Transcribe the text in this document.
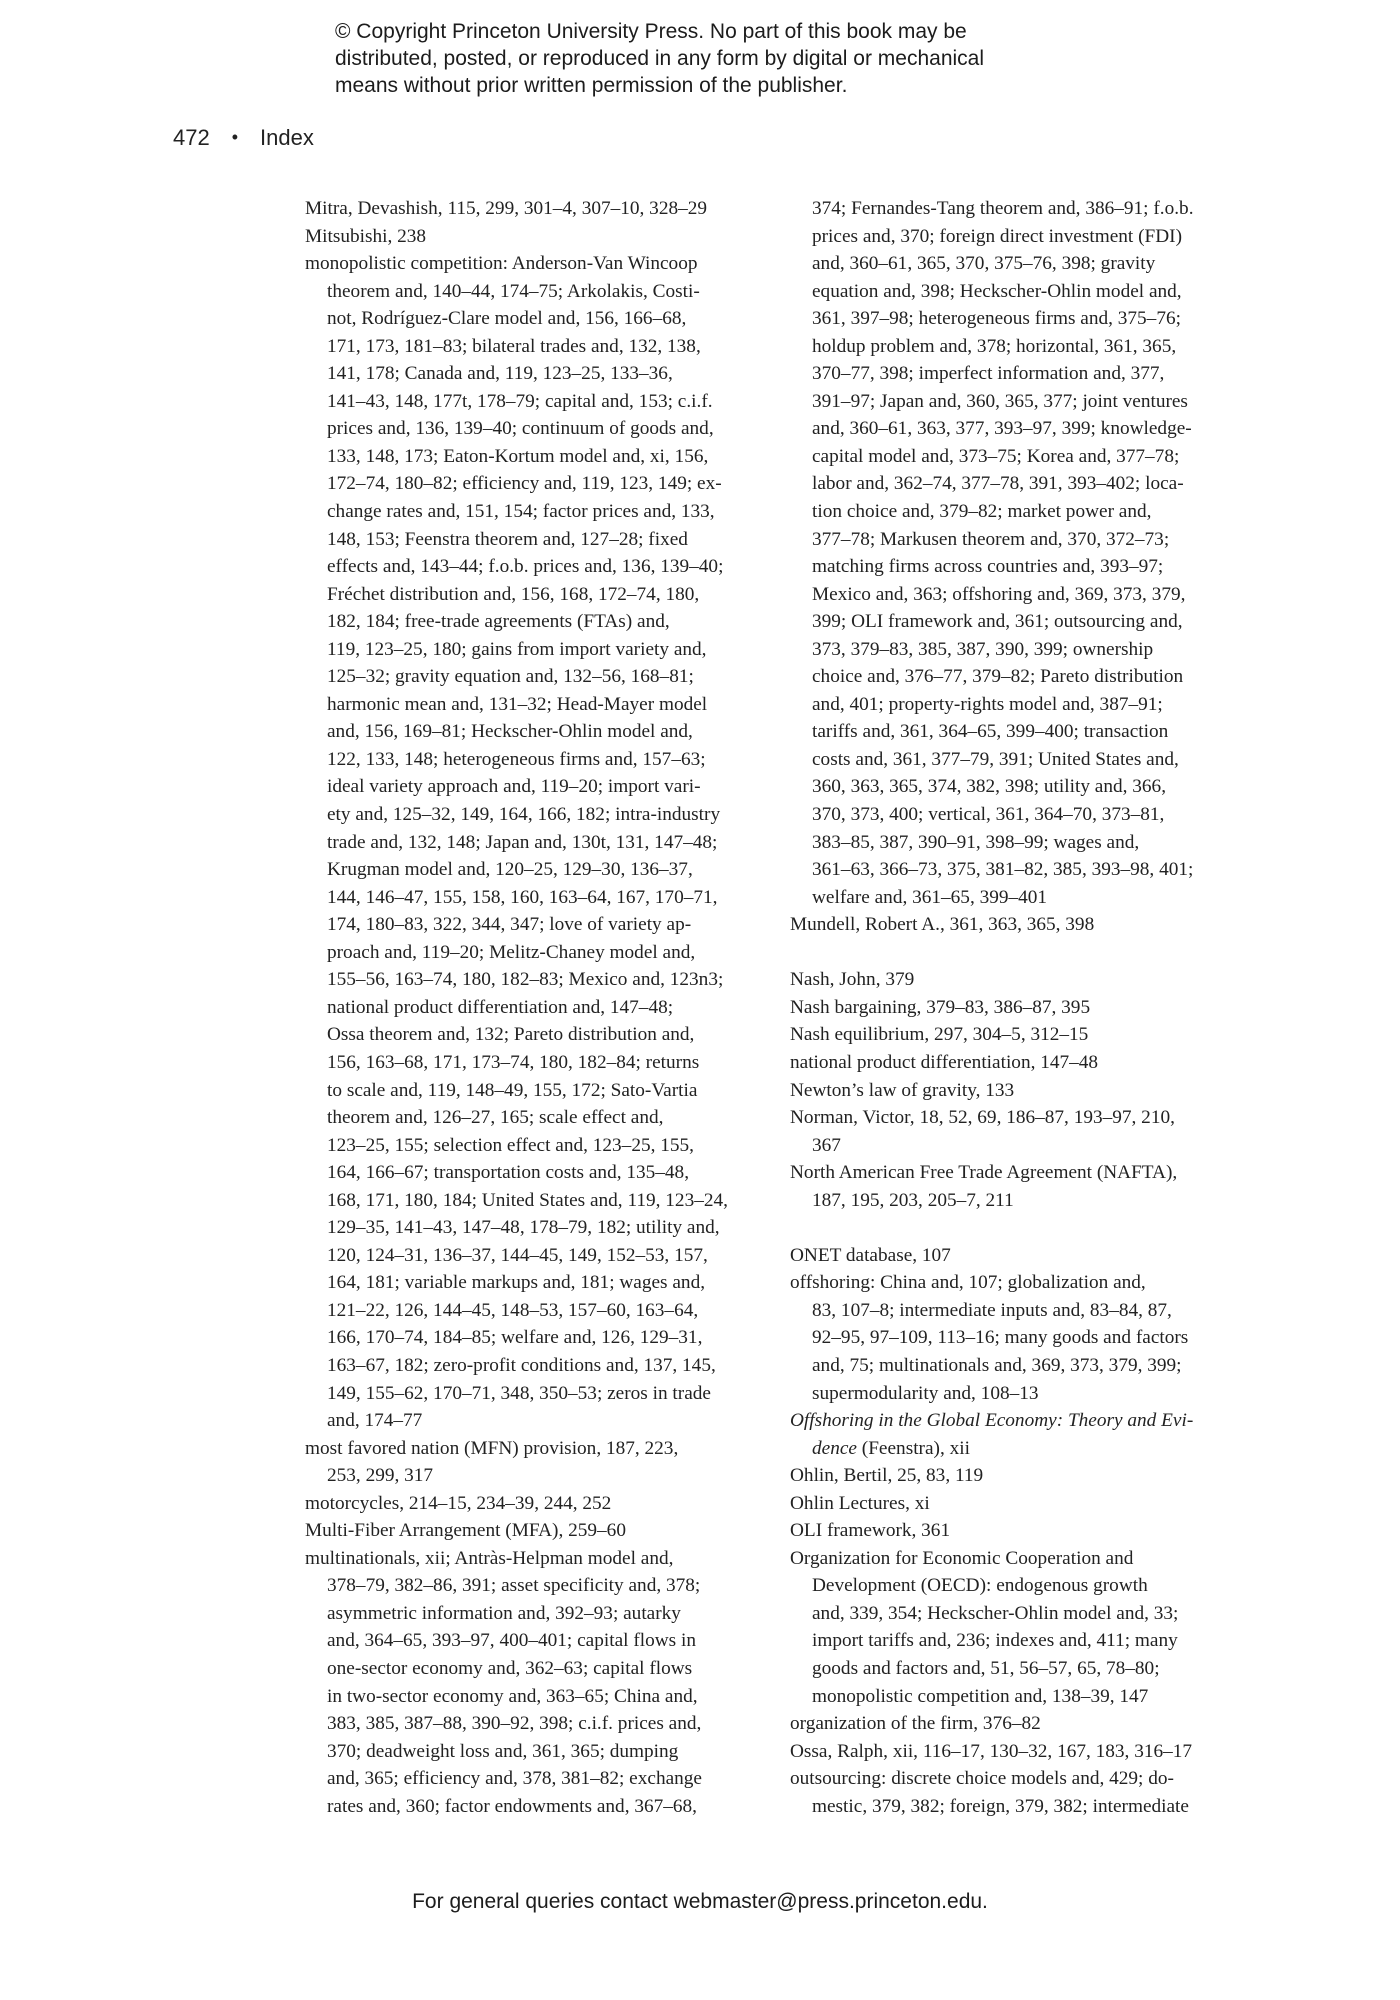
© Copyright Princeton University Press. No part of this book may be
distributed, posted, or reproduced in any form by digital or mechanical
means without prior written permission of the publisher.
472 • Index
Mitra, Devashish, 115, 299, 301–4, 307–10, 328–29
Mitsubishi, 238
monopolistic competition: Anderson-Van Wincoop
theorem and, 140–44, 174–75; Arkolakis, Costi-
not, Rodríguez-Clare model and, 156, 166–68,
171, 173, 181–83; bilateral trades and, 132, 138,
141, 178; Canada and, 119, 123–25, 133–36,
141–43, 148, 177t, 178–79; capital and, 153; c.i.f.
prices and, 136, 139–40; continuum of goods and,
133, 148, 173; Eaton-Kortum model and, xi, 156,
172–74, 180–82; efficiency and, 119, 123, 149; ex-
change rates and, 151, 154; factor prices and, 133,
148, 153; Feenstra theorem and, 127–28; fixed
effects and, 143–44; f.o.b. prices and, 136, 139–40;
Fréchet distribution and, 156, 168, 172–74, 180,
182, 184; free-trade agreements (FTAs) and,
119, 123–25, 180; gains from import variety and,
125–32; gravity equation and, 132–56, 168–81;
harmonic mean and, 131–32; Head-Mayer model
and, 156, 169–81; Heckscher-Ohlin model and,
122, 133, 148; heterogeneous firms and, 157–63;
ideal variety approach and, 119–20; import vari-
ety and, 125–32, 149, 164, 166, 182; intra-industry
trade and, 132, 148; Japan and, 130t, 131, 147–48;
Krugman model and, 120–25, 129–30, 136–37,
144, 146–47, 155, 158, 160, 163–64, 167, 170–71,
174, 180–83, 322, 344, 347; love of variety ap-
proach and, 119–20; Melitz-Chaney model and,
155–56, 163–74, 180, 182–83; Mexico and, 123n3;
national product differentiation and, 147–48;
Ossa theorem and, 132; Pareto distribution and,
156, 163–68, 171, 173–74, 180, 182–84; returns
to scale and, 119, 148–49, 155, 172; Sato-Vartia
theorem and, 126–27, 165; scale effect and,
123–25, 155; selection effect and, 123–25, 155,
164, 166–67; transportation costs and, 135–48,
168, 171, 180, 184; United States and, 119, 123–24,
129–35, 141–43, 147–48, 178–79, 182; utility and,
120, 124–31, 136–37, 144–45, 149, 152–53, 157,
164, 181; variable markups and, 181; wages and,
121–22, 126, 144–45, 148–53, 157–60, 163–64,
166, 170–74, 184–85; welfare and, 126, 129–31,
163–67, 182; zero-profit conditions and, 137, 145,
149, 155–62, 170–71, 348, 350–53; zeros in trade
and, 174–77
most favored nation (MFN) provision, 187, 223,
253, 299, 317
motorcycles, 214–15, 234–39, 244, 252
Multi-Fiber Arrangement (MFA), 259–60
multinationals, xii; Antràs-Helpman model and,
378–79, 382–86, 391; asset specificity and, 378;
asymmetric information and, 392–93; autarky
and, 364–65, 393–97, 400–401; capital flows in
one-sector economy and, 362–63; capital flows
in two-sector economy and, 363–65; China and,
383, 385, 387–88, 390–92, 398; c.i.f. prices and,
370; deadweight loss and, 361, 365; dumping
and, 365; efficiency and, 378, 381–82; exchange
rates and, 360; factor endowments and, 367–68,
374; Fernandes-Tang theorem and, 386–91; f.o.b.
prices and, 370; foreign direct investment (FDI)
and, 360–61, 365, 370, 375–76, 398; gravity
equation and, 398; Heckscher-Ohlin model and,
361, 397–98; heterogeneous firms and, 375–76;
holdup problem and, 378; horizontal, 361, 365,
370–77, 398; imperfect information and, 377,
391–97; Japan and, 360, 365, 377; joint ventures
and, 360–61, 363, 377, 393–97, 399; knowledge-
capital model and, 373–75; Korea and, 377–78;
labor and, 362–74, 377–78, 391, 393–402; loca-
tion choice and, 379–82; market power and,
377–78; Markusen theorem and, 370, 372–73;
matching firms across countries and, 393–97;
Mexico and, 363; offshoring and, 369, 373, 379,
399; OLI framework and, 361; outsourcing and,
373, 379–83, 385, 387, 390, 399; ownership
choice and, 376–77, 379–82; Pareto distribution
and, 401; property-rights model and, 387–91;
tariffs and, 361, 364–65, 399–400; transaction
costs and, 361, 377–79, 391; United States and,
360, 363, 365, 374, 382, 398; utility and, 366,
370, 373, 400; vertical, 361, 364–70, 373–81,
383–85, 387, 390–91, 398–99; wages and,
361–63, 366–73, 375, 381–82, 385, 393–98, 401;
welfare and, 361–65, 399–401
Mundell, Robert A., 361, 363, 365, 398
Nash, John, 379
Nash bargaining, 379–83, 386–87, 395
Nash equilibrium, 297, 304–5, 312–15
national product differentiation, 147–48
Newton’s law of gravity, 133
Norman, Victor, 18, 52, 69, 186–87, 193–97, 210,
367
North American Free Trade Agreement (NAFTA),
187, 195, 203, 205–7, 211
ONET database, 107
offshoring: China and, 107; globalization and,
83, 107–8; intermediate inputs and, 83–84, 87,
92–95, 97–109, 113–16; many goods and factors
and, 75; multinationals and, 369, 373, 379, 399;
supermodularity and, 108–13
Offshoring in the Global Economy: Theory and Evi-
dence (Feenstra), xii
Ohlin, Bertil, 25, 83, 119
Ohlin Lectures, xi
OLI framework, 361
Organization for Economic Cooperation and
Development (OECD): endogenous growth
and, 339, 354; Heckscher-Ohlin model and, 33;
import tariffs and, 236; indexes and, 411; many
goods and factors and, 51, 56–57, 65, 78–80;
monopolistic competition and, 138–39, 147
organization of the firm, 376–82
Ossa, Ralph, xii, 116–17, 130–32, 167, 183, 316–17
outsourcing: discrete choice models and, 429; do-
mestic, 379, 382; foreign, 379, 382; intermediate
For general queries contact webmaster@press.princeton.edu.
